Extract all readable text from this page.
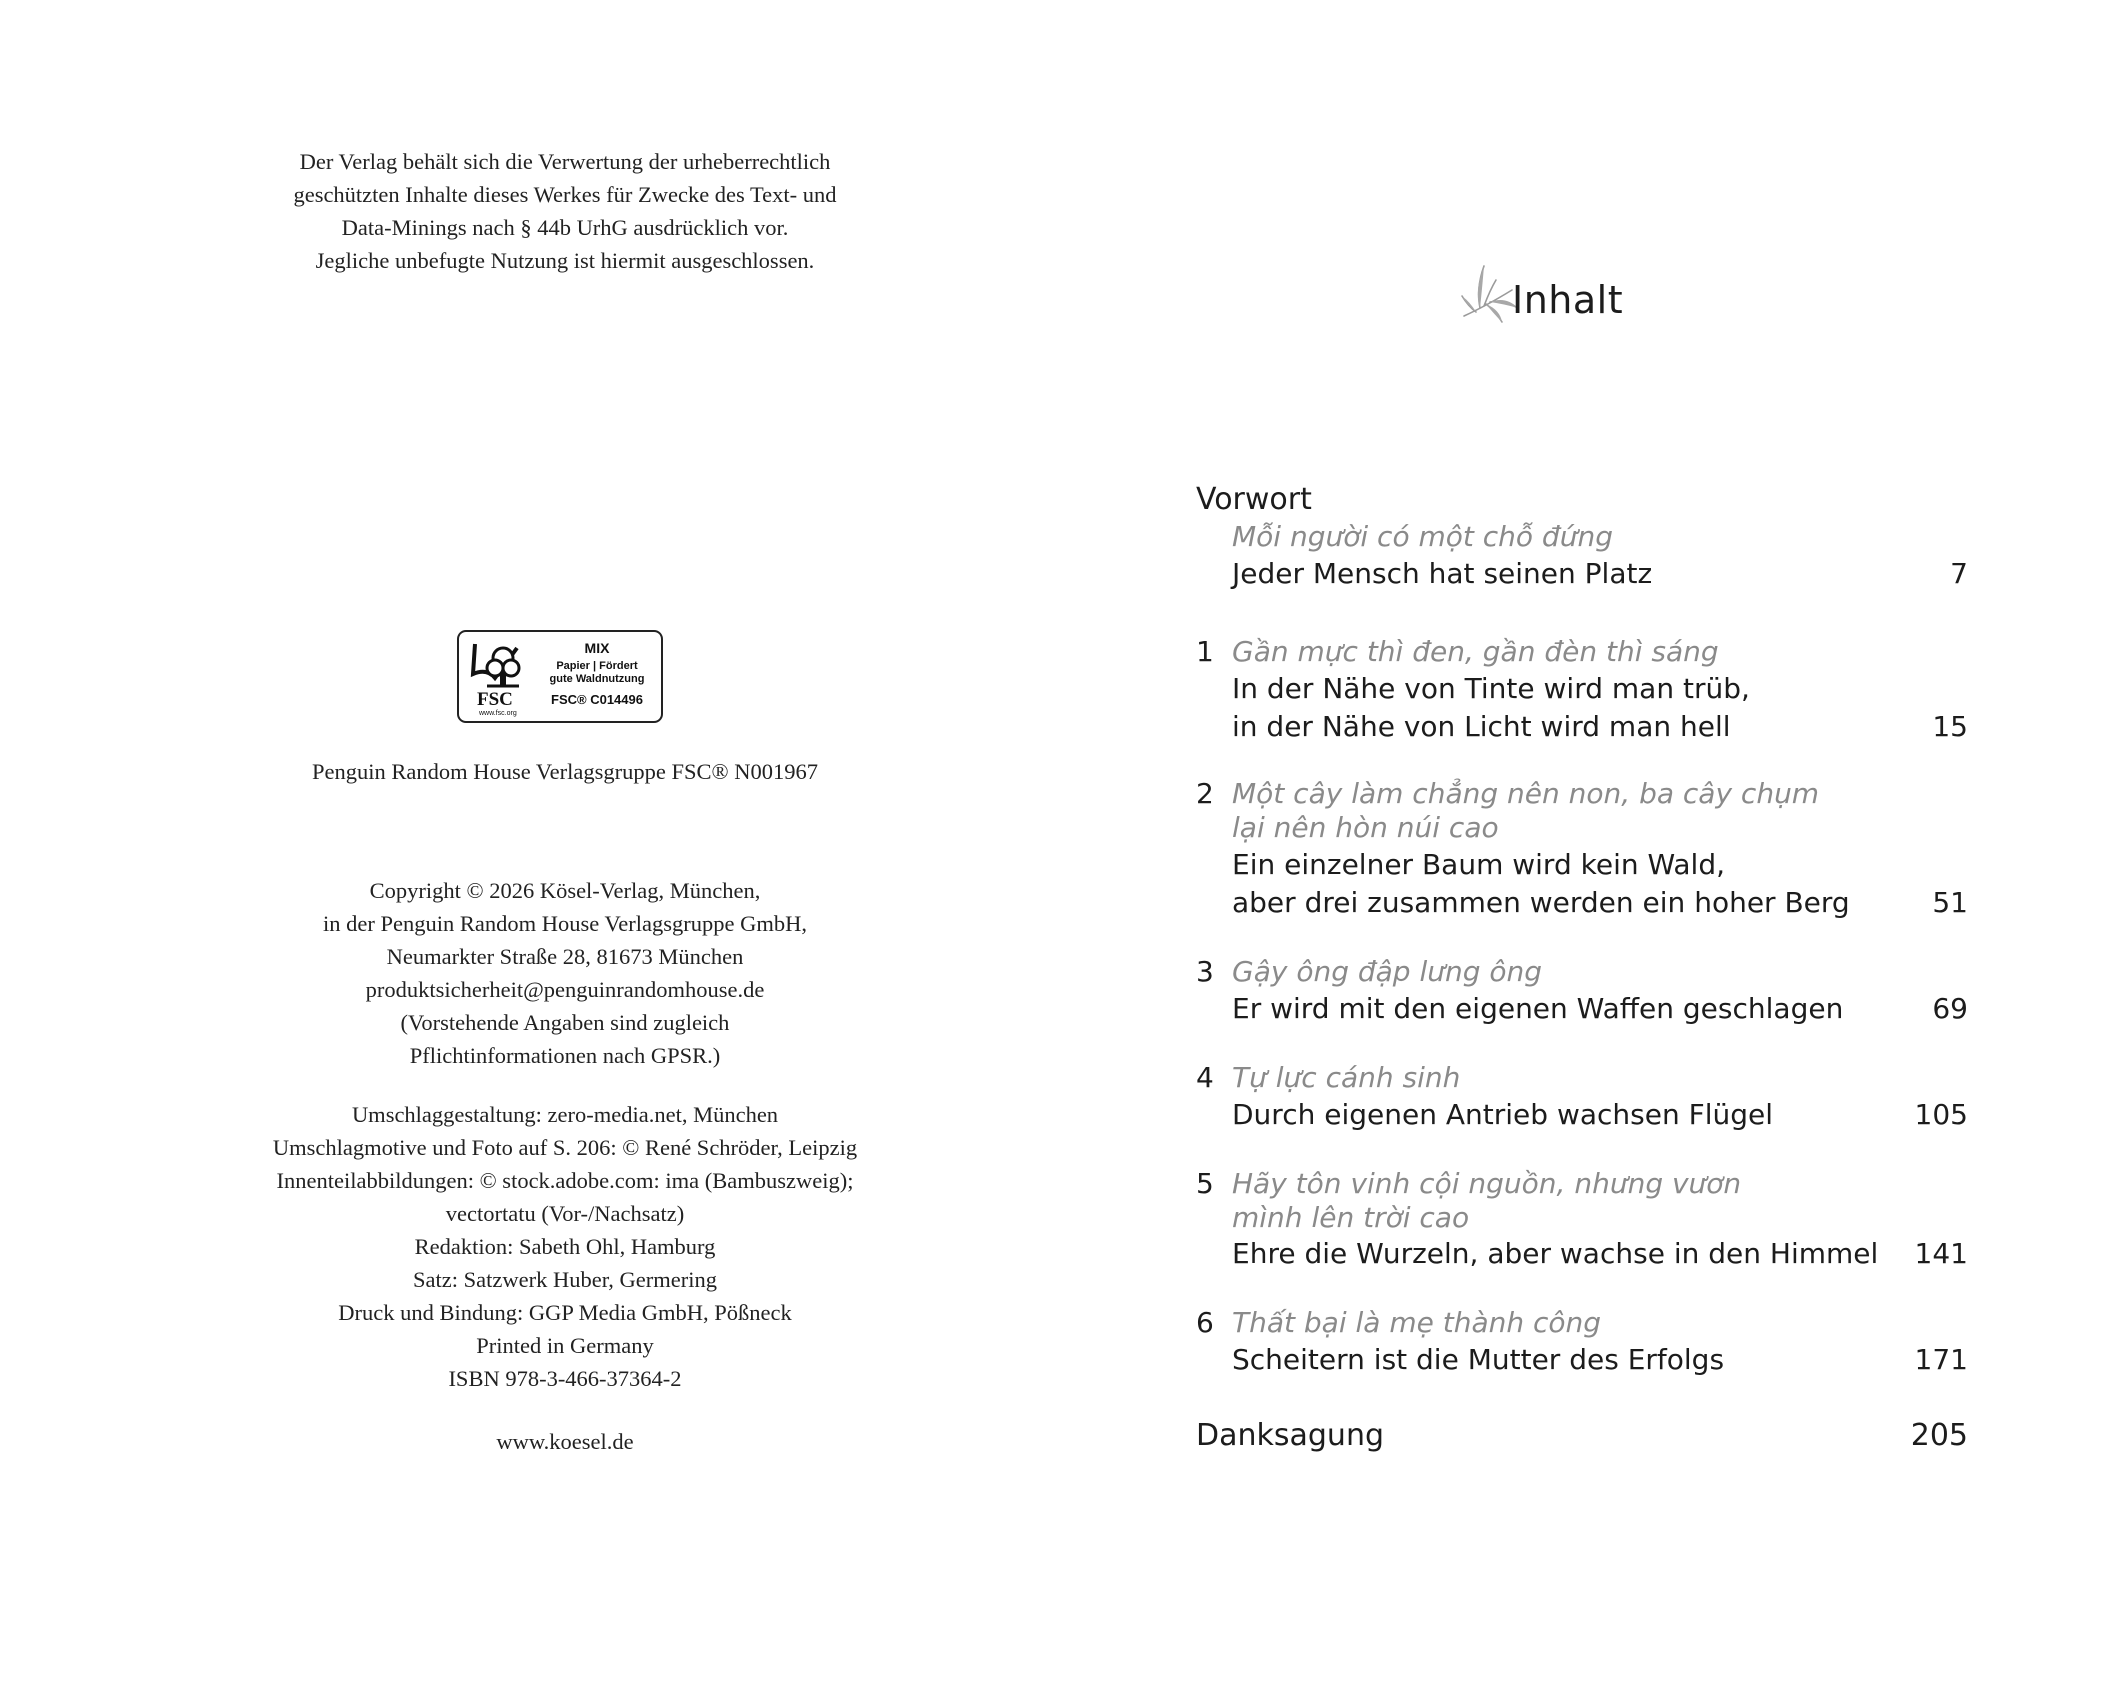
Der Verlag behält sich die Verwertung der urheberrechtlich
geschützten Inhalte dieses Werkes für Zwecke des Text- und
Data-Minings nach § 44b UrhG ausdrücklich vor.
Jegliche unbefugte Nutzung ist hiermit ausgeschlossen.
FSC
www.fsc.org
MIX
Papier | Fördert
gute Waldnutzung
FSC® C014496
Penguin Random House Verlagsgruppe FSC® N001967
Copyright © 2026 Kösel-Verlag, München,
in der Penguin Random House Verlagsgruppe GmbH,
Neumarkter Straße 28, 81673 München
produktsicherheit@penguinrandomhouse.de
(Vorstehende Angaben sind zugleich
Pflichtinformationen nach GPSR.)
Umschlaggestaltung: zero-media.net, München
Umschlagmotive und Foto auf S. 206: © René Schröder, Leipzig
Innenteilabbildungen: © stock.adobe.com: ima (Bambuszweig);
vectortatu (Vor-/Nachsatz)
Redaktion: Sabeth Ohl, Hamburg
Satz: Satzwerk Huber, Germering
Druck und Bindung: GGP Media GmbH, Pößneck
Printed in Germany
ISBN 978-3-466-37364-2
www.koesel.de
Inhalt
Vorwort
Mỗi người có một chỗ đứng
Jeder Mensch hat seinen Platz	7
1 Gần mực thì đen, gần đèn thì sáng
In der Nähe von Tinte wird man trüb,
in der Nähe von Licht wird man hell	15
2 Một cây làm chẳng nên non, ba cây chụm
lại nên hòn núi cao
Ein einzelner Baum wird kein Wald,
aber drei zusammen werden ein hoher Berg	51
3 Gậy ông đập lưng ông
Er wird mit den eigenen Waffen geschlagen	69
4 Tự lực cánh sinh
Durch eigenen Antrieb wachsen Flügel	105
5 Hãy tôn vinh cội nguồn, nhưng vươn
mình lên trời cao
Ehre die Wurzeln, aber wachse in den Himmel	141
6 Thất bại là mẹ thành công
Scheitern ist die Mutter des Erfolgs	171
Danksagung	205
